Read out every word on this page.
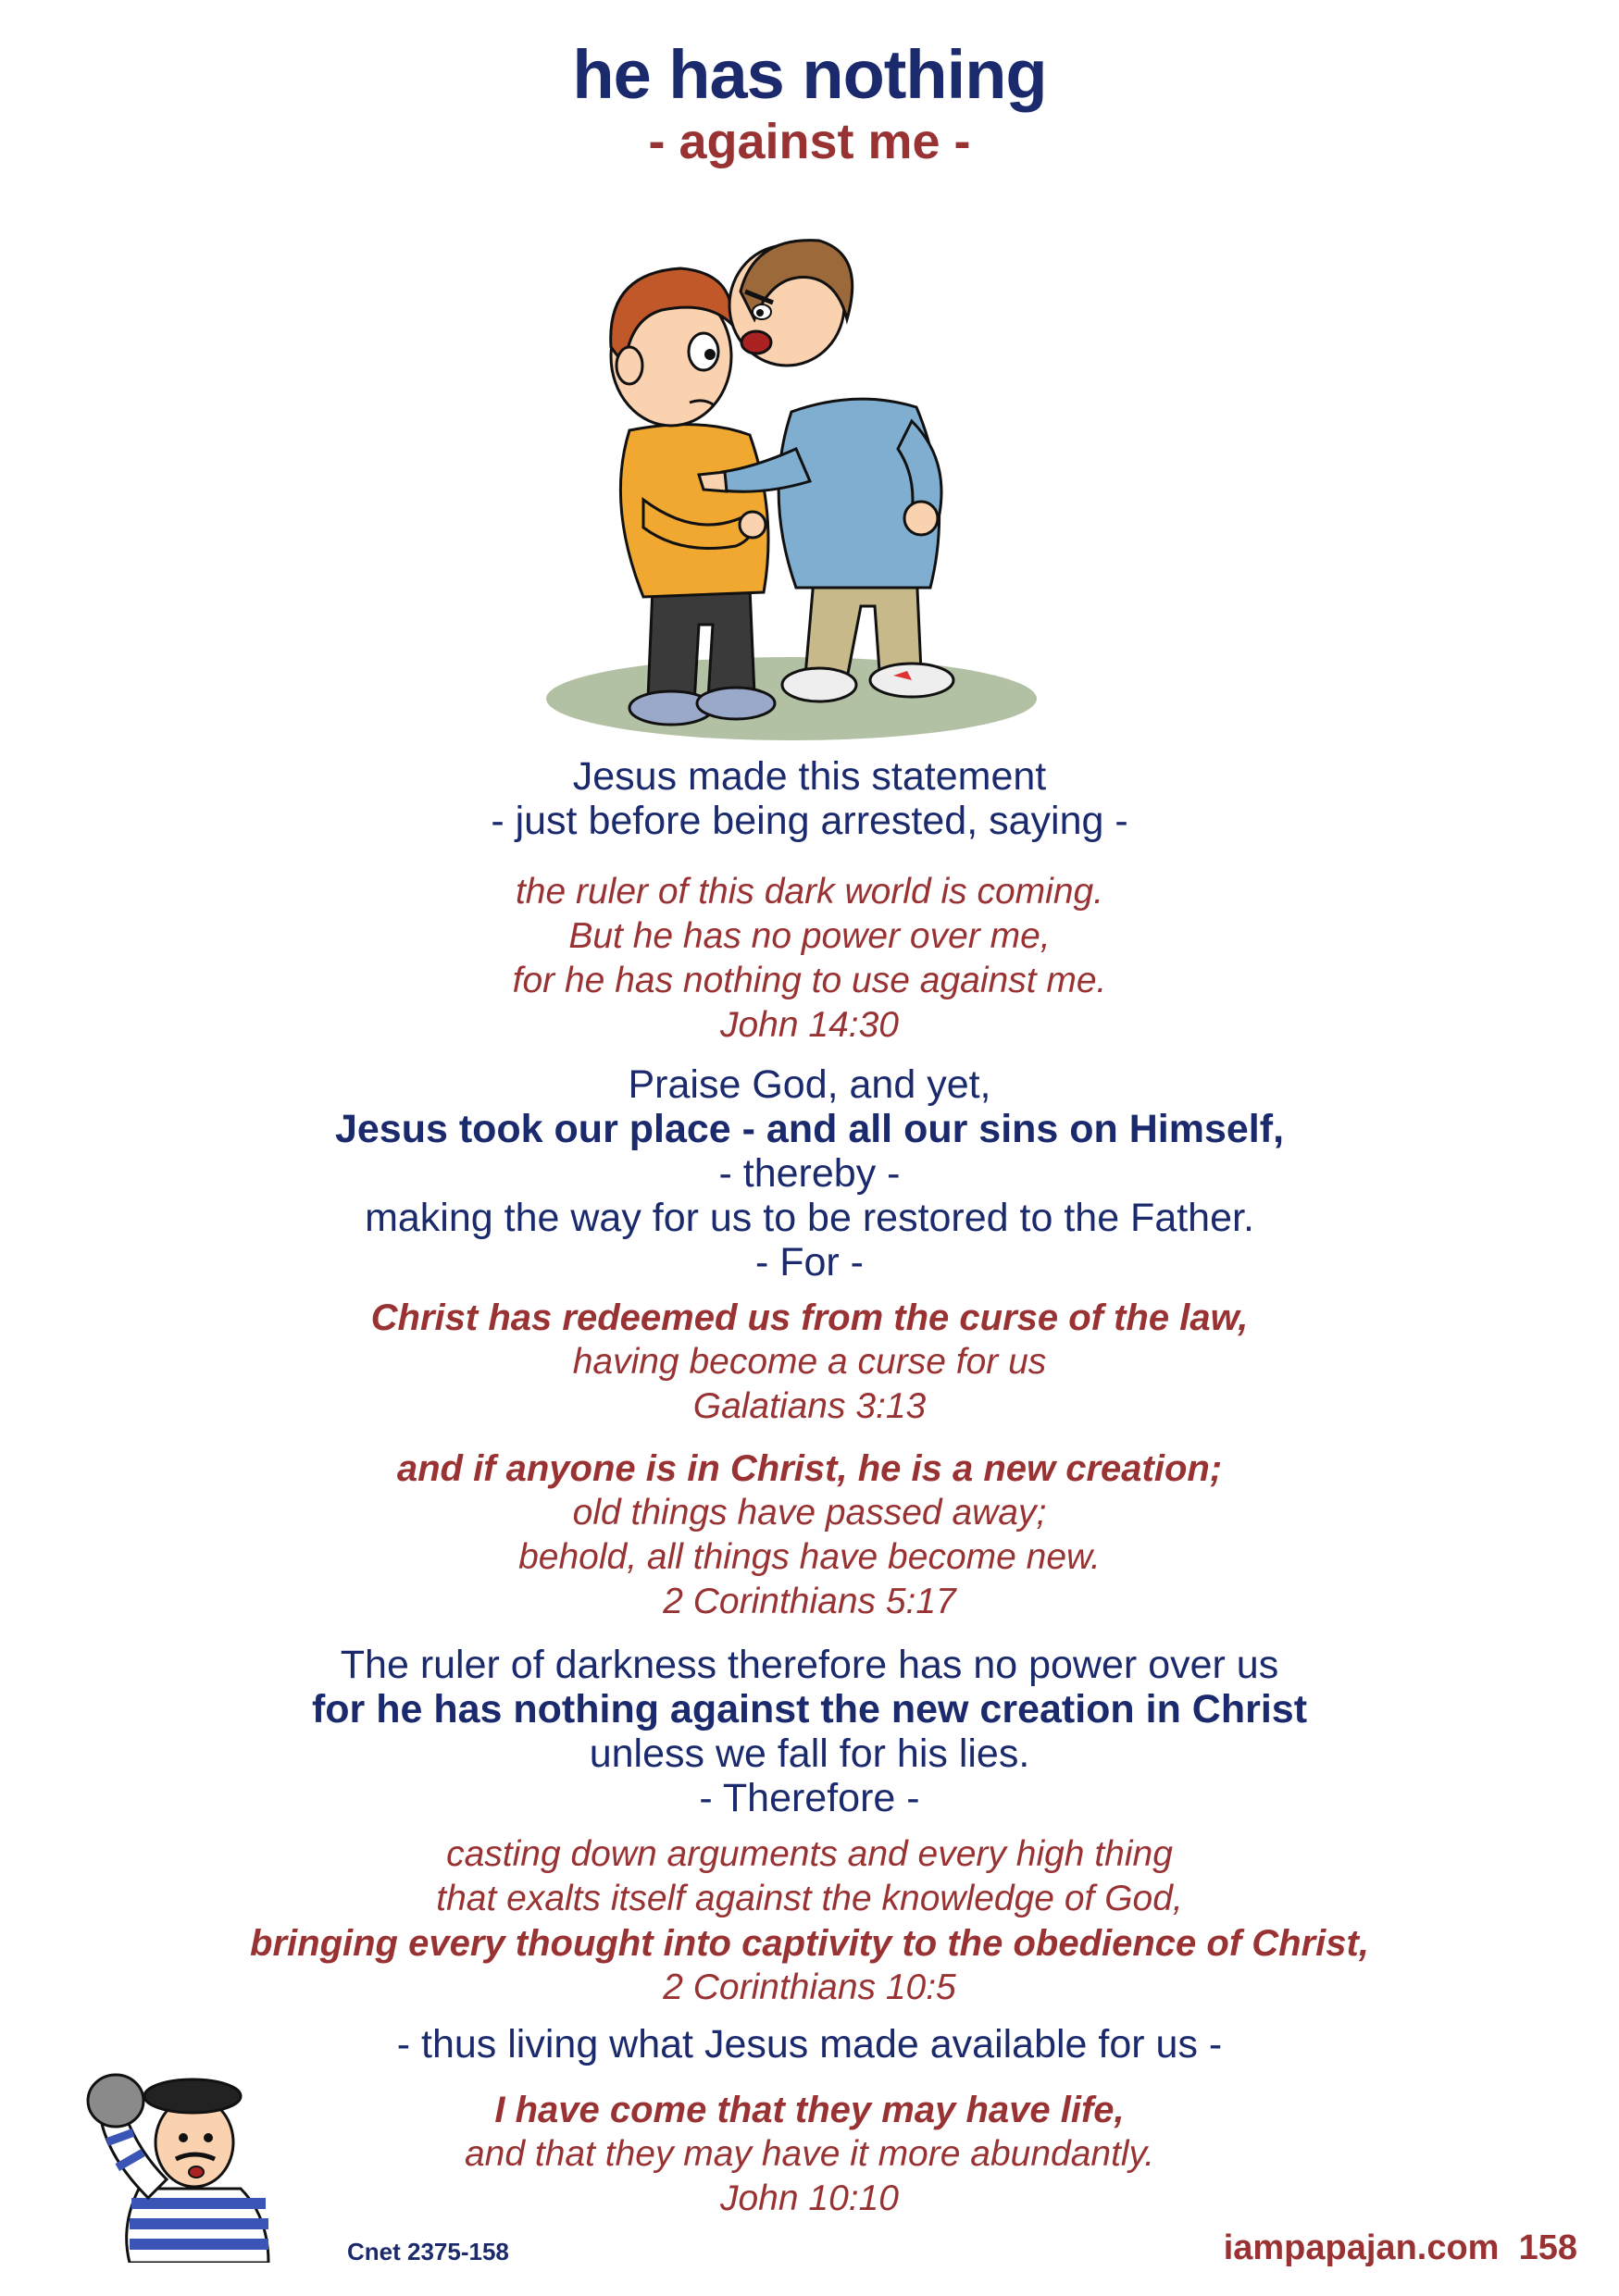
he has nothing
- against me -
Jesus made this statement
- just before being arrested, saying -
the ruler of this dark world is coming.
But he has no power over me,
for he has nothing to use against me.
John 14:30
Praise God, and yet,
Jesus took our place - and all our sins on Himself,
- thereby -
making the way for us to be restored to the Father.
- For -
Christ has redeemed us from the curse of the law,
having become a curse for us
Galatians 3:13
and if anyone is in Christ, he is a new creation;
old things have passed away;
behold, all things have become new.
2 Corinthians 5:17
The ruler of darkness therefore has no power over us
for he has nothing against the new creation in Christ
unless we fall for his lies.
- Therefore -
casting down arguments and every high thing
that exalts itself against the knowledge of God,
bringing every thought into captivity to the obedience of Christ,
2 Corinthians 10:5
- thus living what Jesus made available for us -
I have come that they may have life,
and that they may have it more abundantly.
John 10:10
Cnet 2375-158	iampapajan.com 158
